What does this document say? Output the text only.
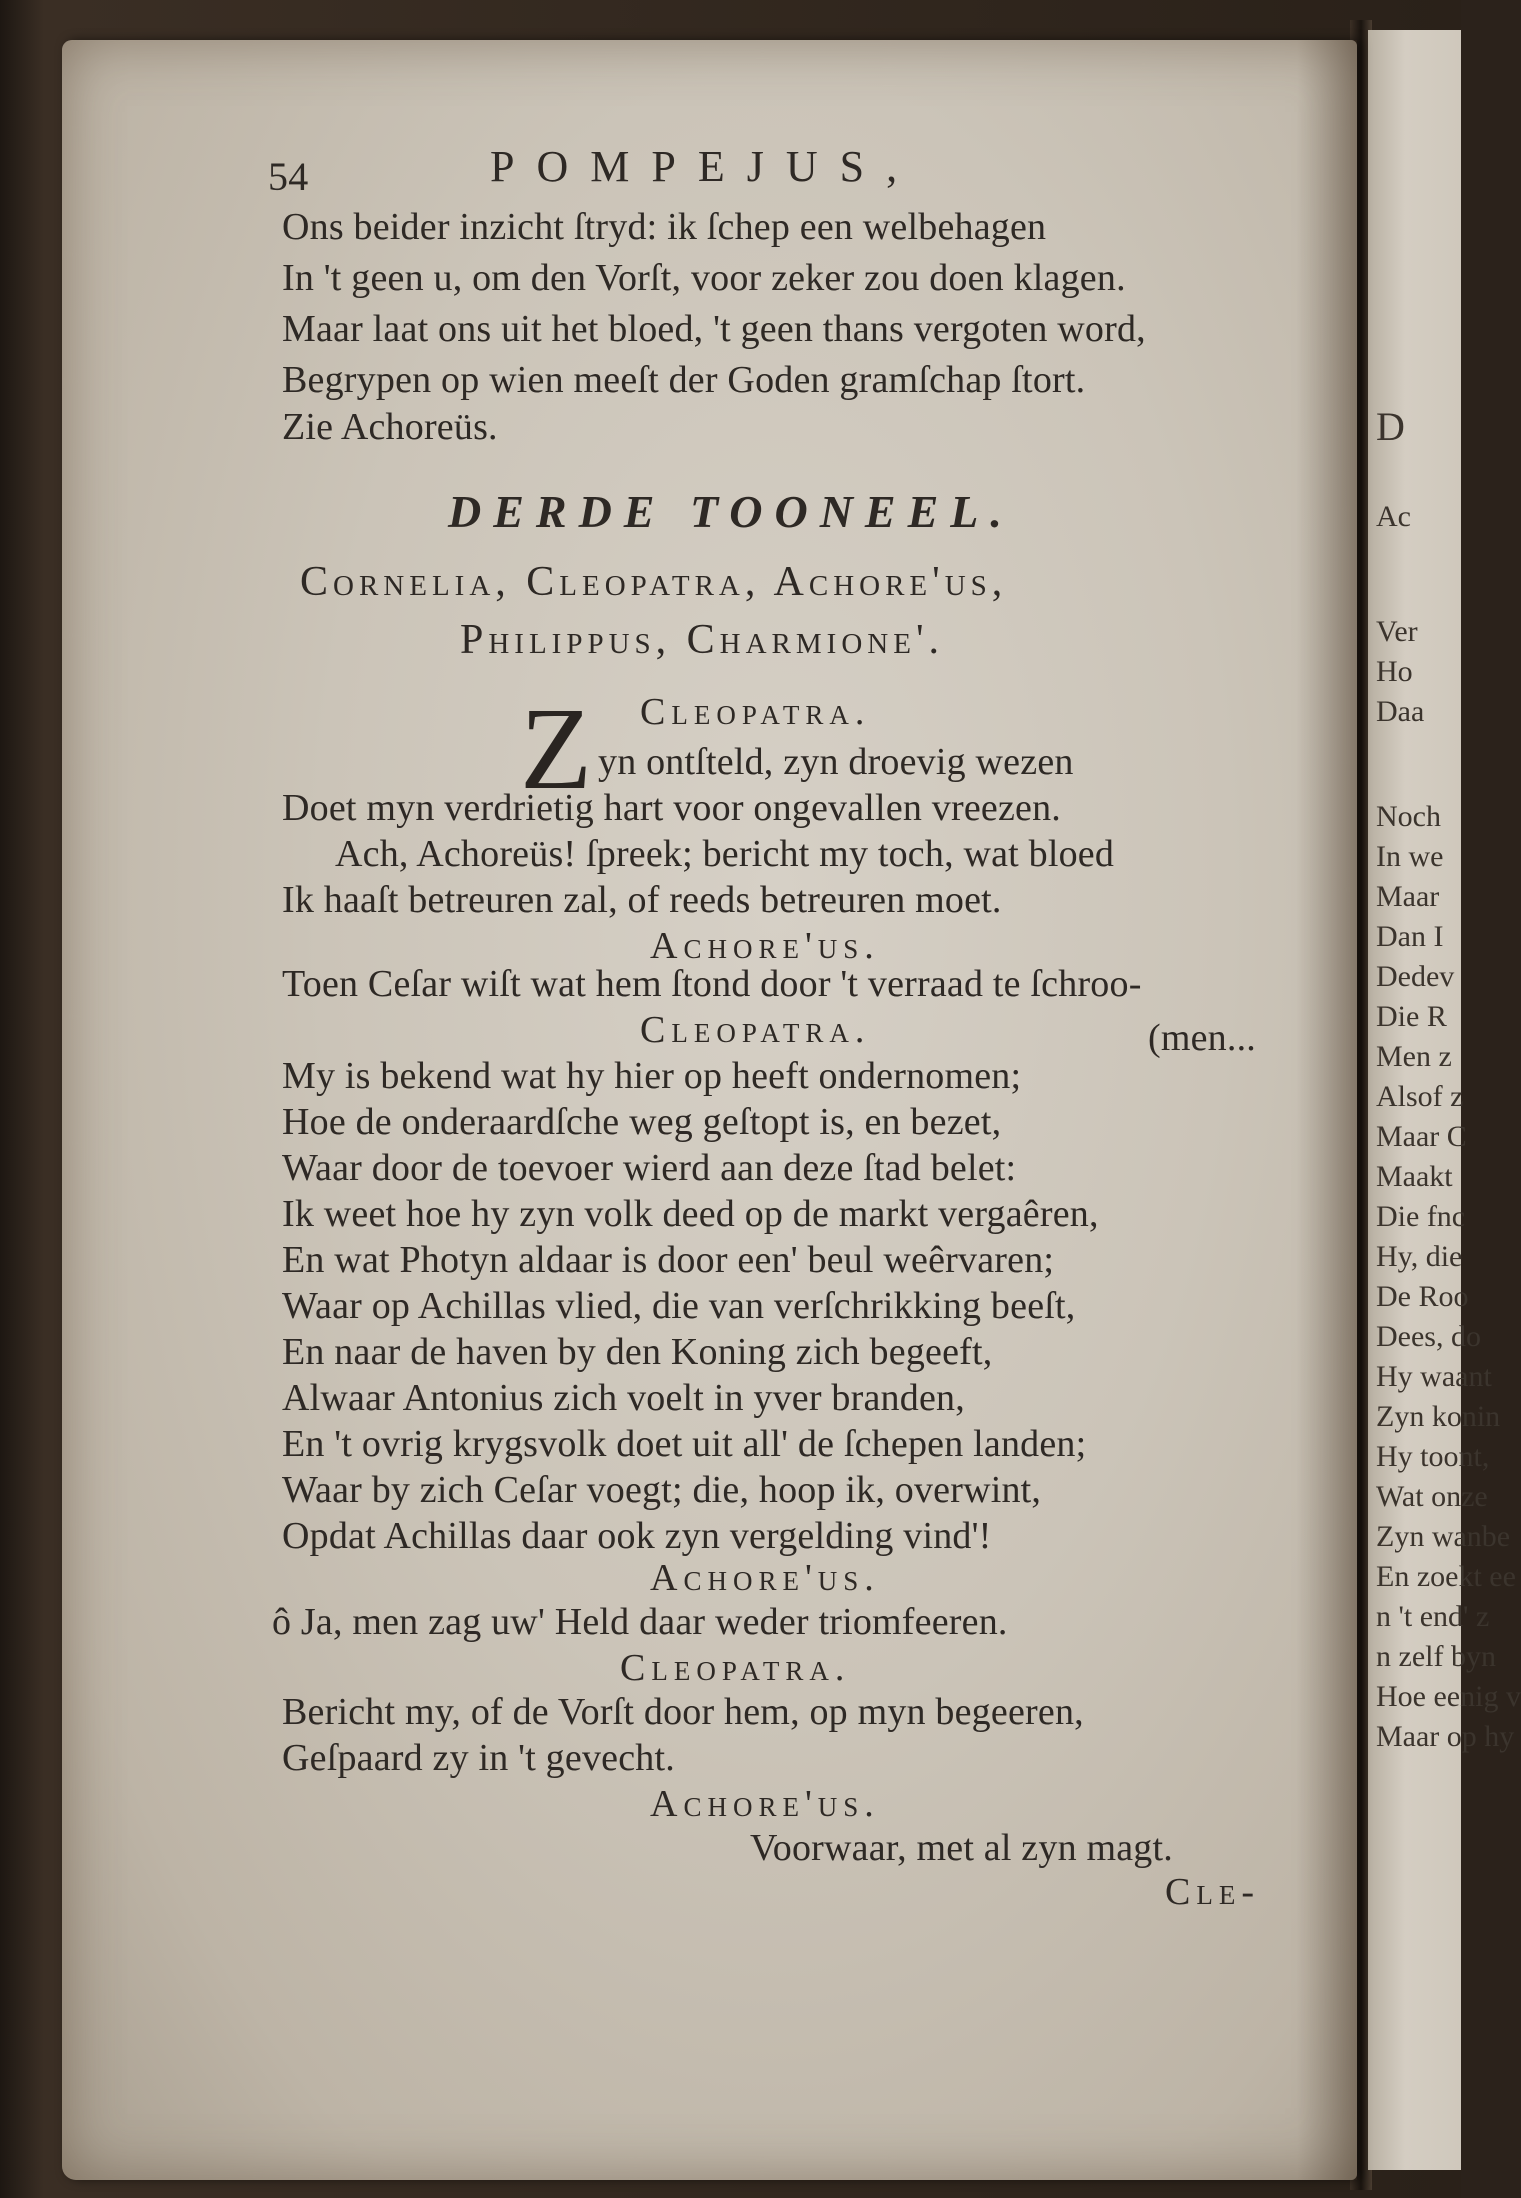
D
Ac
Ver
Ho
Daa
Noch
In we
Maar
Dan I
Dedev
Die R
Men z
Alsof z
Maar C
Maakt
Die fnc
Hy, die
De Roo
Dees, do
Hy waant
Zyn konin
Hy toont,
Wat onze
Zyn wanbe
En zoekt ee
n 't end' z
n zelf byn
Hoe eenig v
Maar op hy
54	POMPEJUS,
Ons beider inzicht ſtryd: ik ſchep een welbehagen
In 't geen u, om den Vorſt, voor zeker zou doen klagen.
Maar laat ons uit het bloed, 't geen thans vergoten word,
Begrypen op wien meeſt der Goden gramſchap ſtort.
Zie Achoreüs.
DERDE TOONEEL.
Cornelia, Cleopatra, Achore'us,
Philippus, Charmione'.
Z Cleopatra.
yn ontſteld, zyn droevig wezen
Doet myn verdrietig hart voor ongevallen vreezen.
Ach, Achoreüs! ſpreek; bericht my toch, wat bloed
Ik haaſt betreuren zal, of reeds betreuren moet.
Achore'us.
Toen Ceſar wiſt wat hem ſtond door 't verraad te ſchroo-
Cleopatra.	(men...
My is bekend wat hy hier op heeft ondernomen;
Hoe de onderaardſche weg geſtopt is, en bezet,
Waar door de toevoer wierd aan deze ſtad belet:
Ik weet hoe hy zyn volk deed op de markt vergaêren,
En wat Photyn aldaar is door een' beul weêrvaren;
Waar op Achillas vlied, die van verſchrikking beeſt,
En naar de haven by den Koning zich begeeft,
Alwaar Antonius zich voelt in yver branden,
En 't ovrig krygsvolk doet uit all' de ſchepen landen;
Waar by zich Ceſar voegt; die, hoop ik, overwint,
Opdat Achillas daar ook zyn vergelding vind'!
Achore'us.
ô Ja, men zag uw' Held daar weder triomfeeren.
Cleopatra.
Bericht my, of de Vorſt door hem, op myn begeeren,
Geſpaard zy in 't gevecht.
Achore'us.
Voorwaar, met al zyn magt.
Cle-
